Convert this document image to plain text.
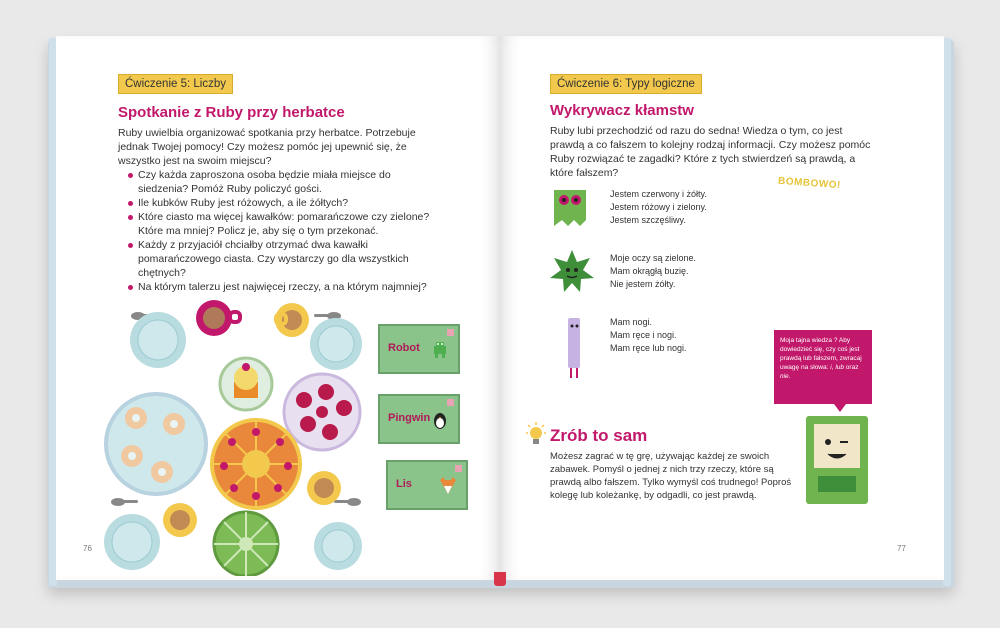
Ćwiczenie 5: Liczby
Spotkanie z Ruby przy herbatce
Ruby uwielbia organizować spotkania przy herbatce. Potrzebuje jednak Twojej pomocy! Czy możesz pomóc jej upewnić się, że wszystko jest na swoim miejscu?
Czy każda zaproszona osoba będzie miała miejsce do siedzenia? Pomóż Ruby policzyć gości.
Ile kubków Ruby jest różowych, a ile żółtych?
Które ciasto ma więcej kawałków: pomarańczowe czy zielone? Które ma mniej? Policz je, aby się o tym przekonać.
Każdy z przyjaciół chciałby otrzymać dwa kawałki pomarańczowego ciasta. Czy wystarczy go dla wszystkich chętnych?
Na którym talerzu jest najwięcej rzeczy, a na którym najmniej?
Robot
Pingwin
Lis
76
Ćwiczenie 6: Typy logiczne
Wykrywacz kłamstw
Ruby lubi przechodzić od razu do sedna! Wiedza o tym, co jest prawdą a co fałszem to kolejny rodzaj informacji. Czy możesz pomóc Ruby rozwiązać te zagadki? Które z tych stwierdzeń są prawdą, a które fałszem?
BOMBOWO!
Jestem czerwony i żółty.
Jestem różowy i zielony.
Jestem szczęśliwy.
Moje oczy są zielone.
Mam okrągłą buzię.
Nie jestem żółty.
Mam nogi.
Mam ręce i nogi.
Mam ręce lub nogi.
Moja tajna wiedza ? Aby dowiedzieć się, czy coś jest prawdą lub fałszem, zwracaj uwagę na słowa: i, lub oraz nie.
Zrób to sam
Możesz zagrać w tę grę, używając każdej ze swoich zabawek. Pomyśl o jednej z nich trzy rzeczy, które są prawdą albo fałszem. Tylko wymyśl coś trudnego! Poproś kolegę lub koleżankę, by odgadli, co jest prawdą.
77
